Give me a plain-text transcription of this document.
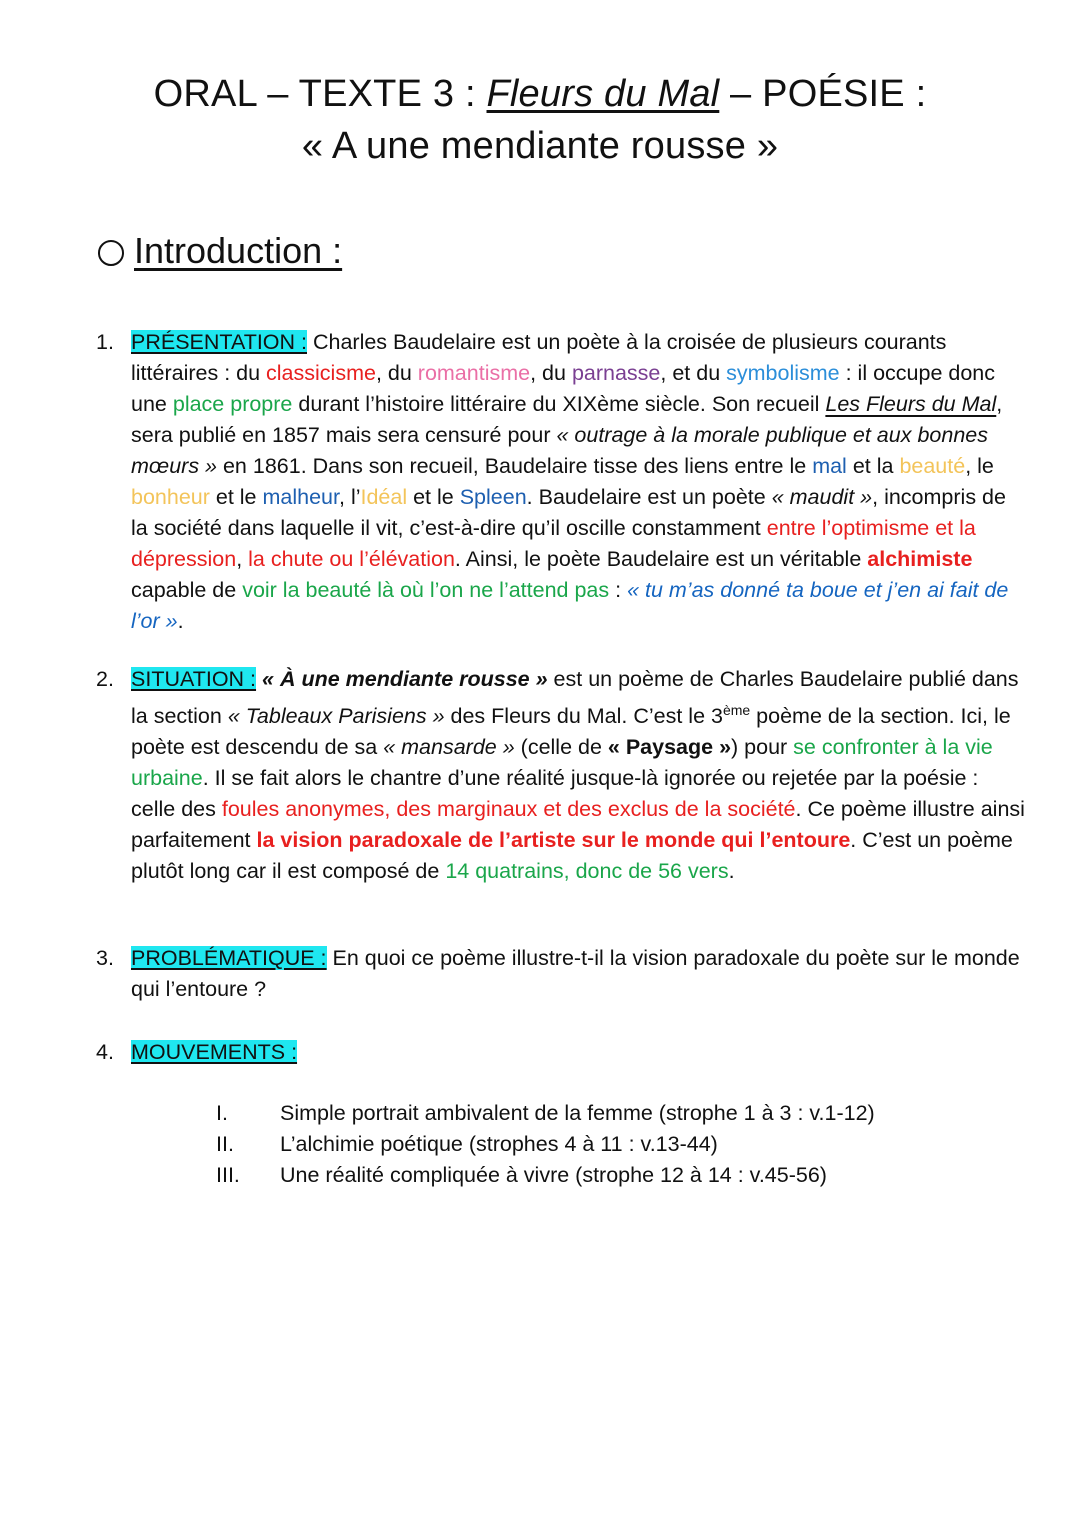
ORAL – TEXTE 3 : Fleurs du Mal – POÉSIE :
« A une mendiante rousse »
Introduction :
1. PRÉSENTATION : Charles Baudelaire est un poète à la croisée de plusieurs courants littéraires : du classicisme, du romantisme, du parnasse, et du symbolisme : il occupe donc une place propre durant l’histoire littéraire du XIXème siècle. Son recueil Les Fleurs du Mal, sera publié en 1857 mais sera censuré pour « outrage à la morale publique et aux bonnes mœurs » en 1861. Dans son recueil, Baudelaire tisse des liens entre le mal et la beauté, le bonheur et le malheur, l’Idéal et le Spleen. Baudelaire est un poète « maudit », incompris de la société dans laquelle il vit, c’est-à-dire qu’il oscille constamment entre l’optimisme et la dépression, la chute ou l’élévation. Ainsi, le poète Baudelaire est un véritable alchimiste capable de voir la beauté là où l’on ne l’attend pas : « tu m’as donné ta boue et j’en ai fait de l’or ».
2. SITUATION : « À une mendiante rousse » est un poème de Charles Baudelaire publié dans la section « Tableaux Parisiens » des Fleurs du Mal. C’est le 3ème poème de la section. Ici, le poète est descendu de sa « mansarde » (celle de « Paysage ») pour se confronter à la vie urbaine. Il se fait alors le chantre d’une réalité jusque-là ignorée ou rejetée par la poésie : celle des foules anonymes, des marginaux et des exclus de la société. Ce poème illustre ainsi parfaitement la vision paradoxale de l’artiste sur le monde qui l’entoure. C’est un poème plutôt long car il est composé de 14 quatrains, donc de 56 vers.
3. PROBLÉMATIQUE : En quoi ce poème illustre-t-il la vision paradoxale du poète sur le monde qui l’entoure ?
4. MOUVEMENTS :
I. Simple portrait ambivalent de la femme (strophe 1 à 3 : v.1-12)
II. L’alchimie poétique (strophes 4 à 11 : v.13-44)
III. Une réalité compliquée à vivre (strophe 12 à 14 : v.45-56)
